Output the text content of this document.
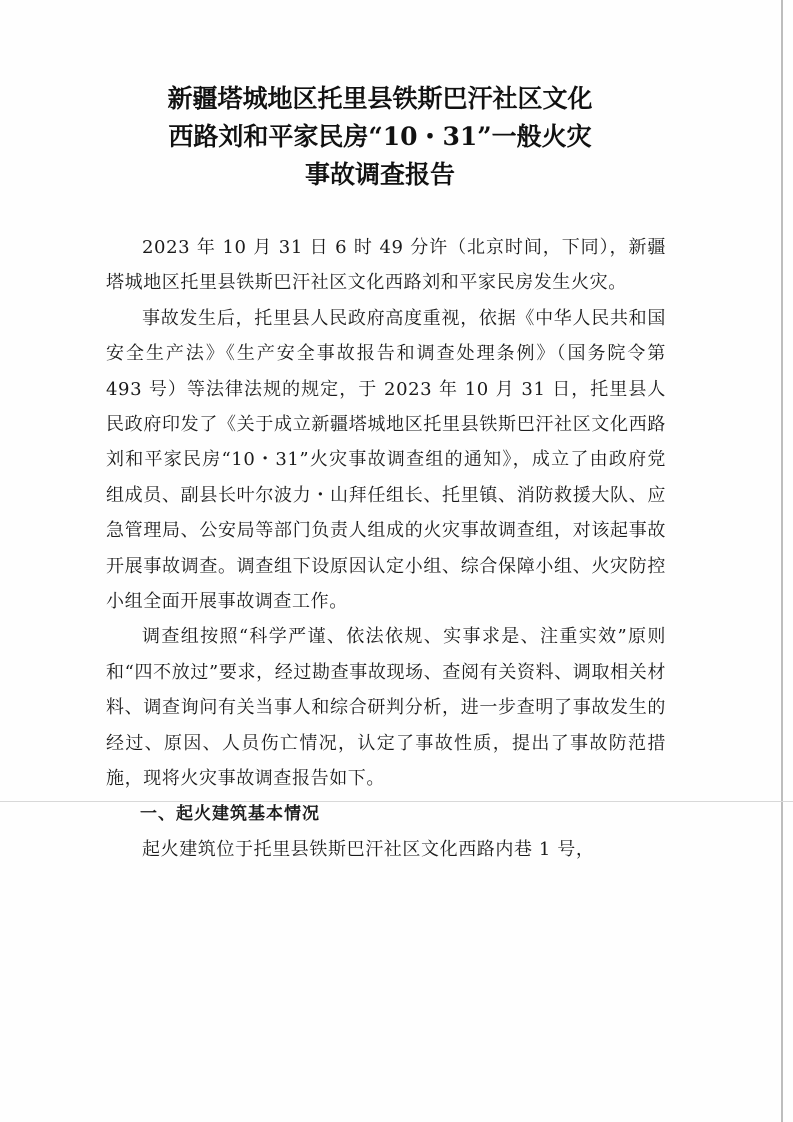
新疆塔城地区托里县铁斯巴汗社区文化
西路刘和平家民房“10・31”一般火灾
事故调查报告

2023 年 10 月 31 日 6 时 49 分许（北京时间，下同），新疆塔城地区托里县铁斯巴汗社区文化西路刘和平家民房发生火灾。

事故发生后，托里县人民政府高度重视，依据《中华人民共和国安全生产法》《生产安全事故报告和调查处理条例》（国务院令第 493 号）等法律法规的规定，于 2023 年 10 月 31 日，托里县人民政府印发了《关于成立新疆塔城地区托里县铁斯巴汗社区文化西路刘和平家民房“10・31”火灾事故调查组的通知》，成立了由政府党组成员、副县长叶尔波力・山拜任组长、托里镇、消防救援大队、应急管理局、公安局等部门负责人组成的火灾事故调查组，对该起事故开展事故调查。调查组下设原因认定小组、综合保障小组、火灾防控小组全面开展事故调查工作。

调查组按照“科学严谨、依法依规、实事求是、注重实效”原则和“四不放过”要求，经过勘查事故现场、查阅有关资料、调取相关材料、调查询问有关当事人和综合研判分析，进一步查明了事故发生的经过、原因、人员伤亡情况，认定了事故性质，提出了事故防范措施，现将火灾事故调查报告如下。

一、起火建筑基本情况

起火建筑位于托里县铁斯巴汗社区文化西路内巷 1 号，
